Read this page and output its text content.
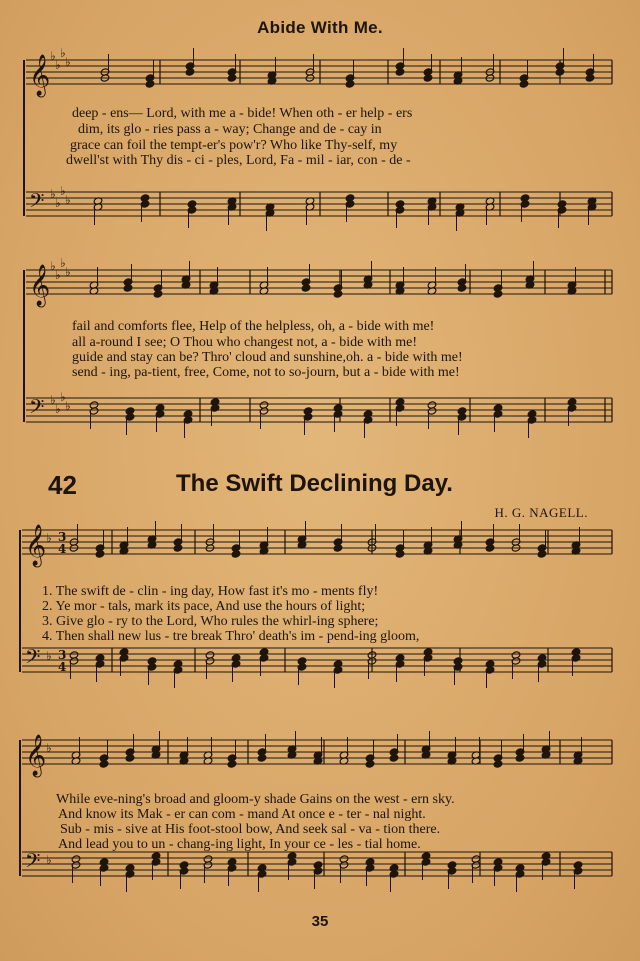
Abide With Me.
𝄞 ♭
♭
♭
♭
𝄢 ♭
♭
♭
♭
𝄞 ♭
♭
♭
♭
𝄢 ♭
♭
♭
♭
𝄞 ♭ 3
4
𝄢 ♭ 3
4
𝄞 ♭
𝄢 ♭
deep - ens— Lord, with me a - bide! When oth - er help - ers
dim, its glo - ries pass a - way; Change and de - cay in
grace can foil the tempt-er's pow'r? Who like Thy-self, my
dwell'st with Thy dis - ci - ples, Lord, Fa - mil - iar, con - de -
fail and comforts flee, Help of the helpless, oh, a - bide with me!
all a-round I see; O Thou who changest not, a - bide with me!
guide and stay can be? Thro' cloud and sunshine,oh. a - bide with me!
send - ing, pa-tient, free, Come, not to so-journ, but a - bide with me!
42	The Swift Declining Day.
H. G. NAGELL.
1. The swift de - clin - ing day, How fast it's mo - ments fly!
2. Ye mor - tals, mark its pace, And use the hours of light;
3. Give glo - ry to the Lord, Who rules the whirl-ing sphere;
4. Then shall new lus - tre break Thro' death's im - pend-ing gloom,
While eve-ning's broad and gloom-y shade Gains on the west - ern sky.
And know its Mak - er can com - mand At once e - ter - nal night.
Sub - mis - sive at His foot-stool bow, And seek sal - va - tion there.
And lead you to un - chang-ing light, In your ce - les - tial home.
35
